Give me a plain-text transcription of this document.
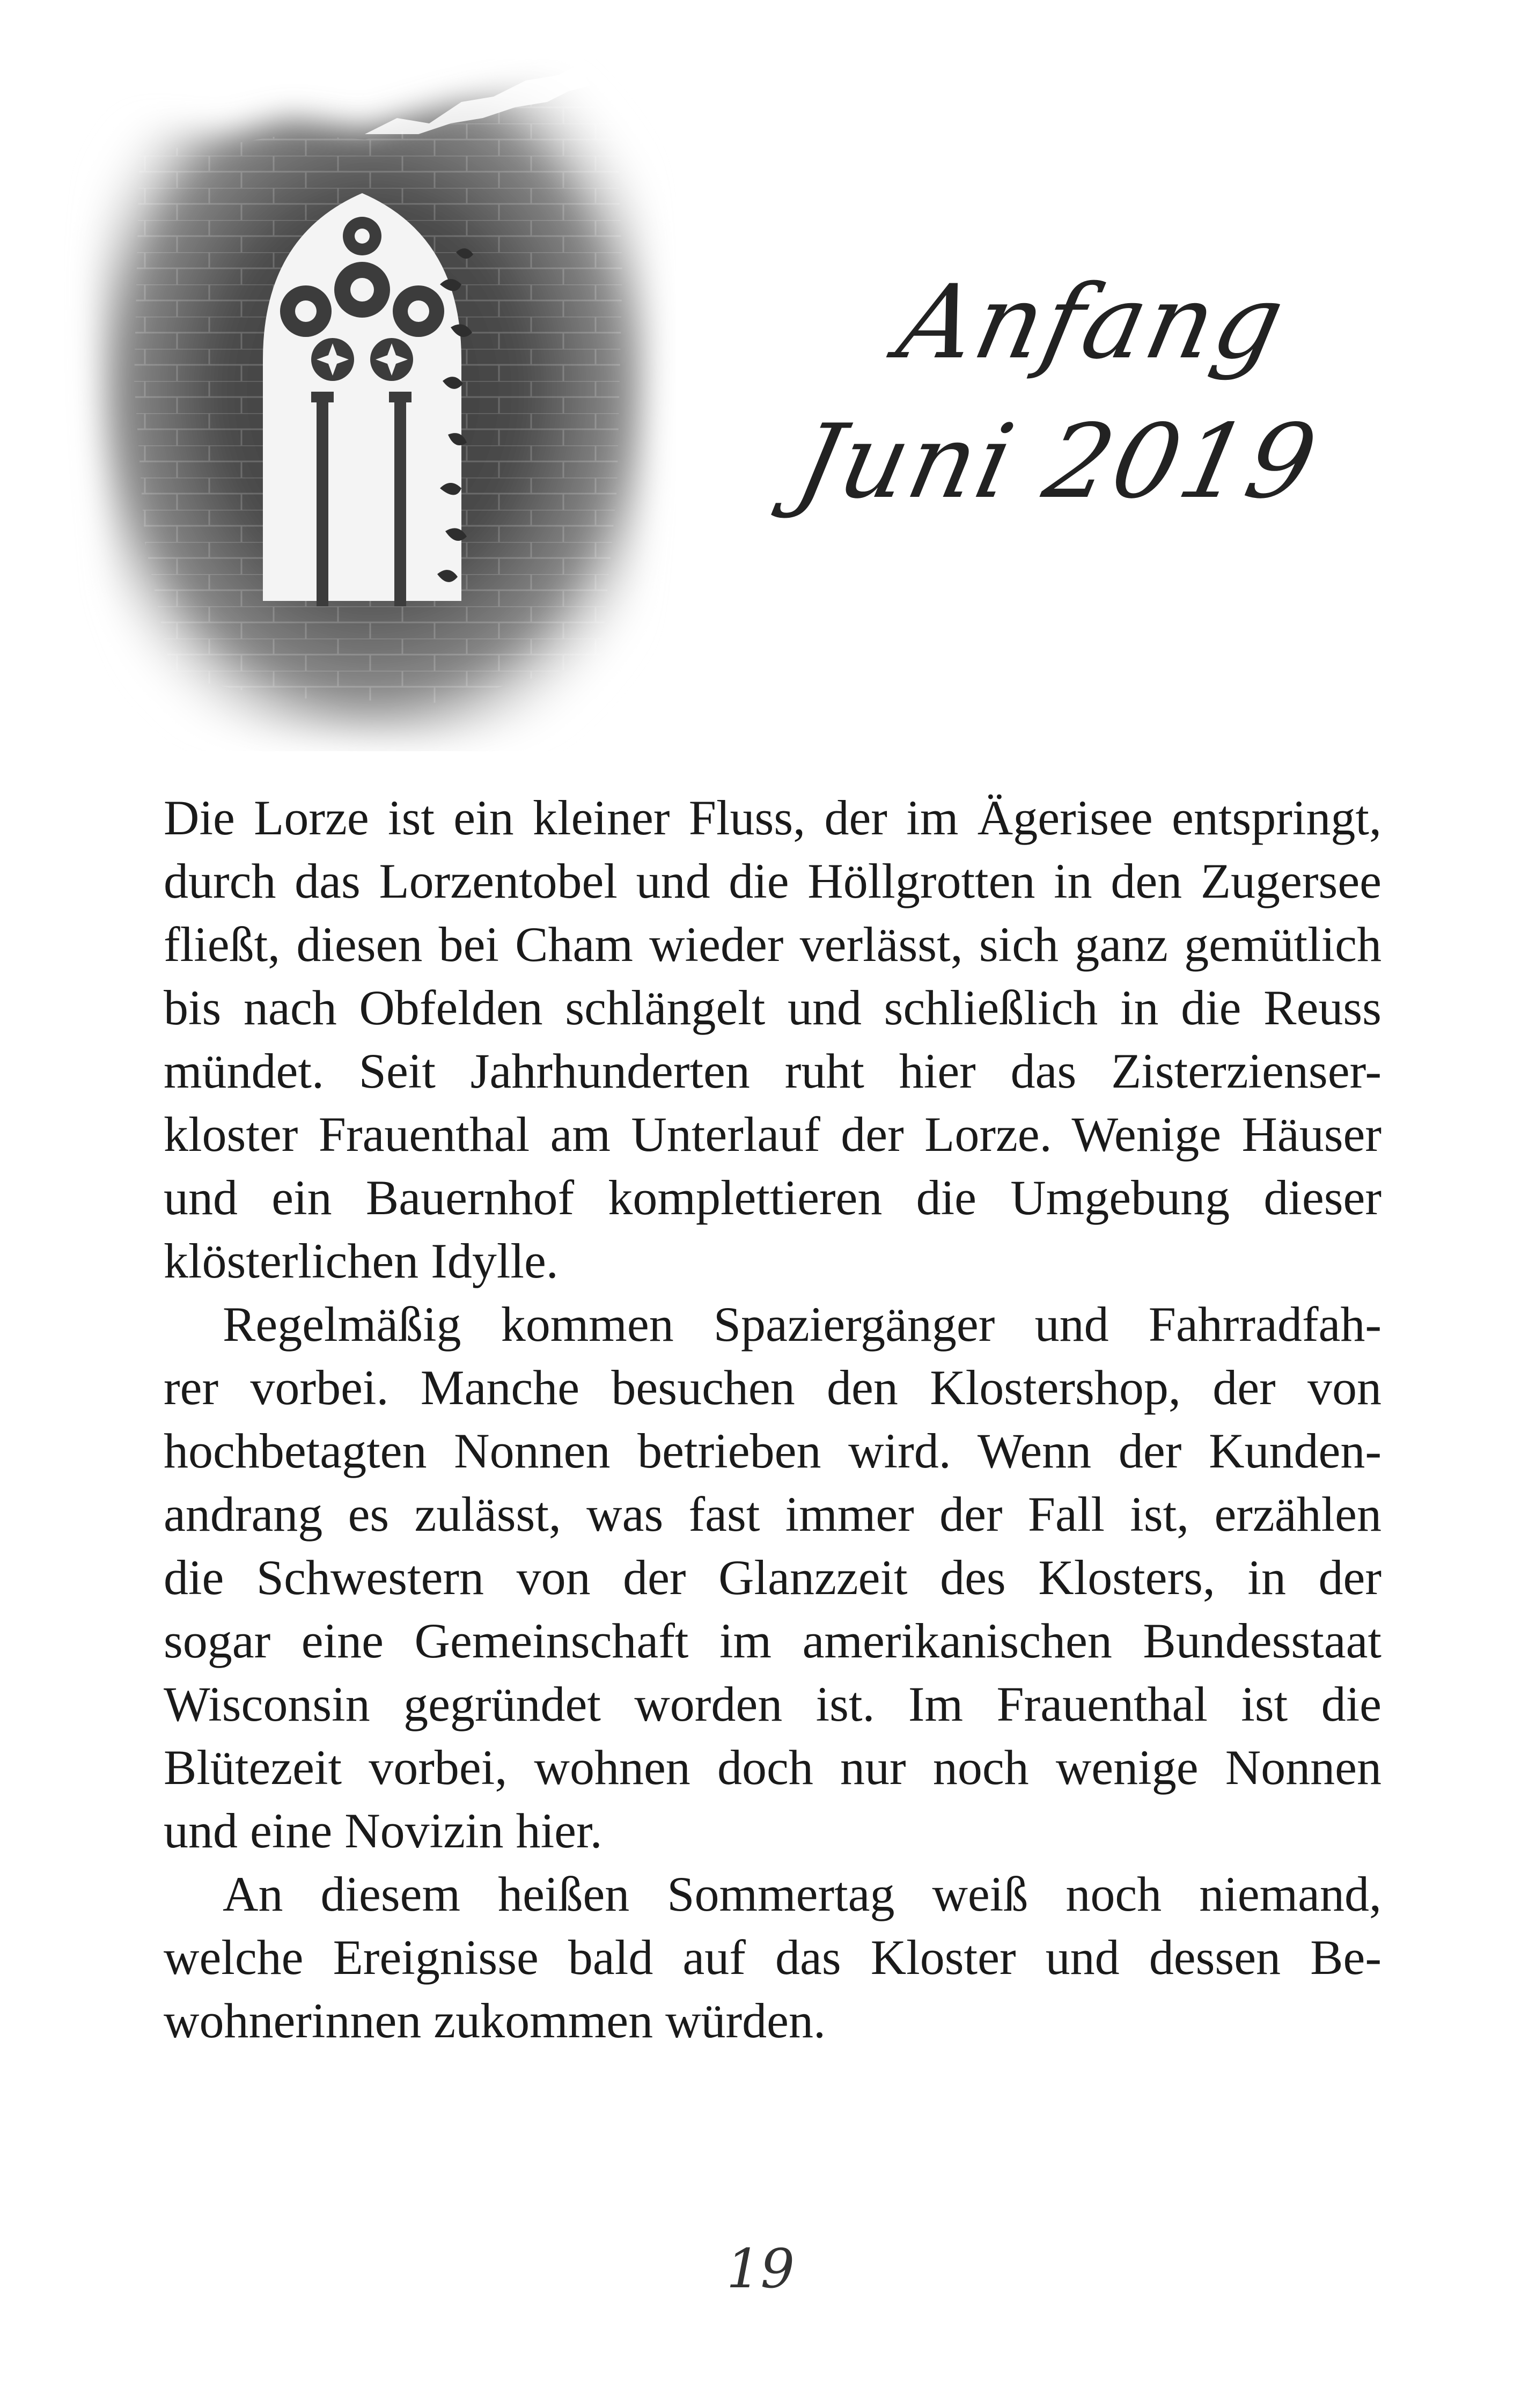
Anfang
Juni 2019

Die Lorze ist ein kleiner Fluss, der im Ägerisee entspringt,
durch das Lorzentobel und die Höllgrotten in den Zugersee
fließt, diesen bei Cham wieder verlässt, sich ganz gemütlich
bis nach Obfelden schlängelt und schließlich in die Reuss
mündet. Seit Jahrhunderten ruht hier das Zisterzienser-
kloster Frauenthal am Unterlauf der Lorze. Wenige Häuser
und ein Bauernhof komplettieren die Umgebung dieser
klösterlichen Idylle.

Regelmäßig kommen Spaziergänger und Fahrradfah-
rer vorbei. Manche besuchen den Klostershop, der von
hochbetagten Nonnen betrieben wird. Wenn der Kunden-
andrang es zulässt, was fast immer der Fall ist, erzählen
die Schwestern von der Glanzzeit des Klosters, in der
sogar eine Gemeinschaft im amerikanischen Bundesstaat
Wisconsin gegründet worden ist. Im Frauenthal ist die
Blütezeit vorbei, wohnen doch nur noch wenige Nonnen
und eine Novizin hier.

An diesem heißen Sommertag weiß noch niemand,
welche Ereignisse bald auf das Kloster und dessen Be-
wohnerinnen zukommen würden.

19
